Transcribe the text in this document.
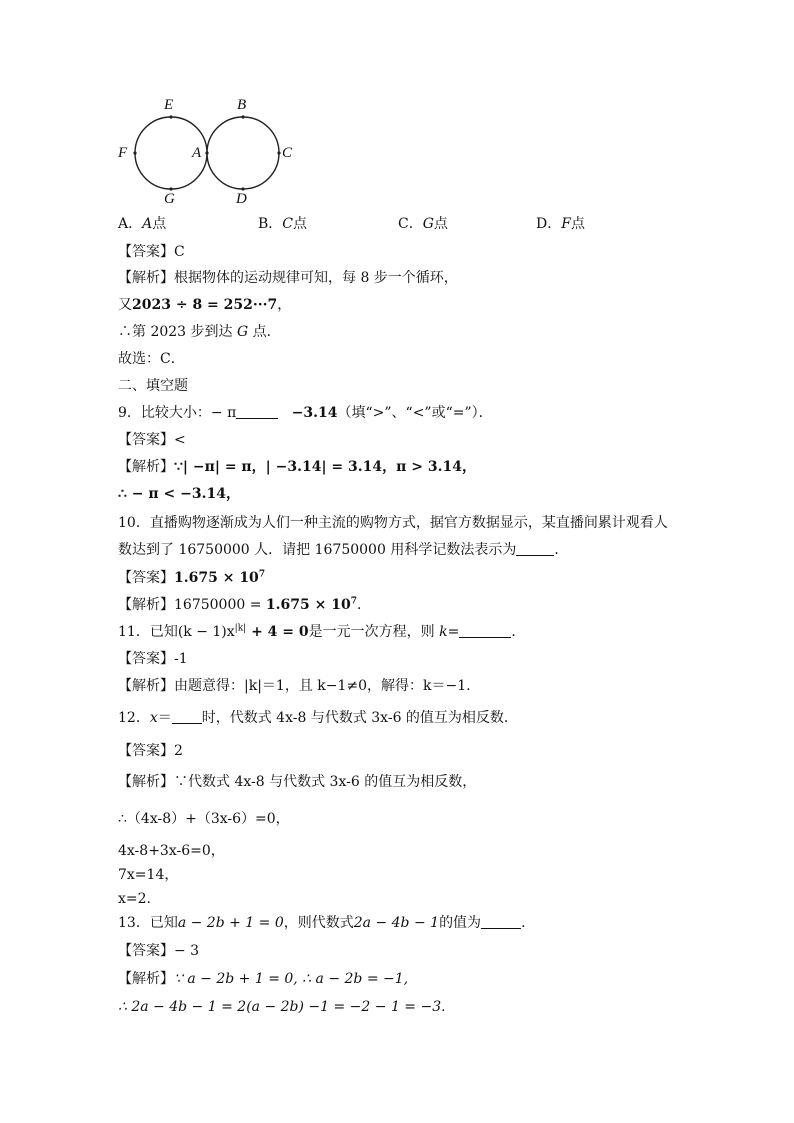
E	B
F	A	C
G	D
A．A点	B．C点	C．G点	D．F点
【答案】C
【解析】根据物体的运动规律可知，每 8 步一个循环，
又2023 ÷ 8 = 252···7，
∴第 2023 步到达 G 点．
故选：C．
二、填空题
9．比较大小：− π	−3.14（填“>”、“<”或“=”）．
【答案】<
【解析】∵| −π| = π，| −3.14| = 3.14，π > 3.14，
∴ − π < −3.14，
10．直播购物逐渐成为人们一种主流的购物方式，据官方数据显示，某直播间累计观看人
数达到了 16750000 人．请把 16750000 用科学记数法表示为	．
【答案】$1.675 \times 10^7$
【解析】$16750000 = 1.675 \times 10^7$．
11．已知$(k - 1)x^{|k|} + 4 = 0$是一元一次方程，则 k=	．
【答案】-1
【解析】由题意得：|k|＝1，且 k−1≠0，解得：k＝−1.
12．x＝ 时，代数式 4x-8 与代数式 3x-6 的值互为相反数．
【答案】2
【解析】∵代数式 4x-8 与代数式 3x-6 的值互为相反数，
∴（4x-8）+（3x-6）=0，
4x-8+3x-6=0，
7x=14，
x=2.
13．已知a − 2b + 1 = 0，则代数式2a − 4b − 1的值为	．
【答案】− 3
【解析】∵ a − 2b + 1 = 0, ∴ a − 2b = −1,
∴ 2a − 4b − 1 = 2(a − 2b) −1 = −2 − 1 = −3.
